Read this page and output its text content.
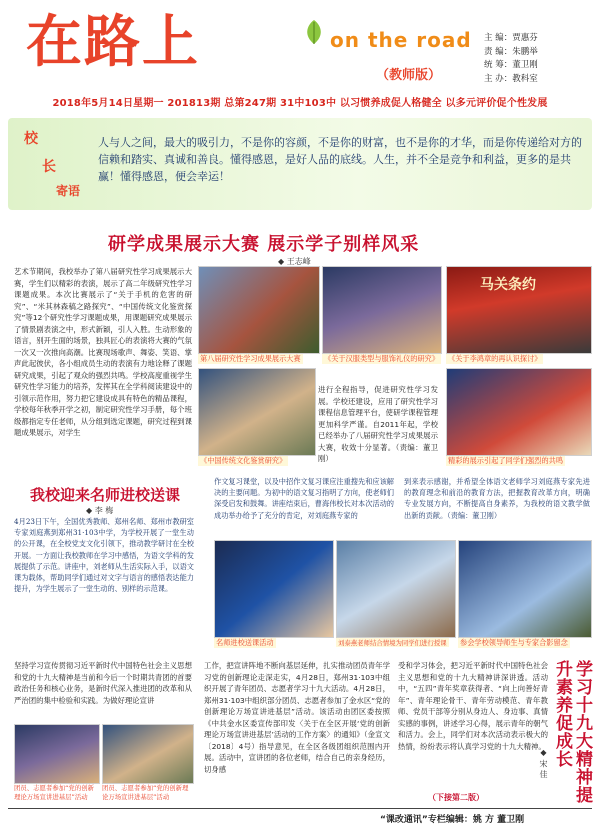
在路上	on the road
（教师版）
主 编：贾惠芬
责 编：朱鹏举
统 筹：董卫刚
主 办：教科室
2018年5月14日星期一 201813期 总第247期 31中103中 以习惯养成促人格健全 以多元评价促个性发展
校
长
寄语
人与人之间，最大的吸引力，不是你的容颜，不是你的财富，也不是你的才华，而是你传递给对方的信赖和踏实、真诚和善良。懂得感恩，是好人品的底线。人生，并不全是竞争和利益，更多的是共赢！懂得感恩，便会幸运！
研学成果展示大赛 展示学子别样风采
◆ 王志峰
艺术节期间，我校举办了第八届研究性学习成果展示大赛，学生们以精彩的表演，展示了高二年级研究性学习课题成果。本次比赛展示了“关于手机的危害的研究”、“米其林森稿之路探究”、“中国传统文化鉴赏探究”等12个研究性学习课题成果，用课题研究成果展示了情景剧表演之中，形式新颖，引人入胜。生动形象的语言，别开生面的场景，独具匠心的表演将大赛的气氛一次又一次推向高潮。比赛现场歌声、舞姿、笑语、掌声此起彼伏，各小组成员生动的表演有力地诠释了课题研究成果，引起了观众的强烈共鸣。学校高度重视学生研究性学习能力的培养，发挥其在全学科阅读建设中的引领示范作用，努力把它建设成具有特色的精品课程，学校每年秋季开学之初，制定研究性学习手册，每个班级都指定专任老师，从分组到选定课题，研究过程到课题成果展示，对学生
第八届研究性学习成果展示大赛	《关于汉服类型与服饰礼仪的研究》
马关条约
《关于李鸿章的再认识探讨》
《中国传统文化鉴赏研究》
进行全程指导，促进研究性学习发展。学校还建设，应用了研究性学习课程信息管理平台，使研学课程管理更加科学严谨。自2011年起，学校已经举办了八届研究性学习成果展示大赛，收效十分显著。（责编：董卫刚）	精彩的展示引起了同学们强烈的共鸣
我校迎来名师进校送课
◆ 李 梅
4月23日下午，全国优秀教师、郑州名师、郑州市教研室专家刘庭燕到郑州31·103中学，为学校开展了一堂生动的公开课，在全校党支文化引领下，推动教学研讨在全校开展。一方面让我校教师在学习中感悟，为语文学科的发展提供了示范。讲座中，刘老师从生活实际入手，以语文课为载体，帮助同学们通过对文字与语言的感悟表达能力提升，为学生展示了一堂生动的、别样的示范课。
作文复习课堂，以及中招作文复习课应注重搜先和应该解决的主要问题。为初中的语文复习指明了方向，使老师们深受启发和鼓舞。讲座结束后，曹海伟校长对本次活动的成功举办给予了充分的肯定，对刘庭燕专家的
到来表示感谢，并希望全体语文老师学习刘庭燕专家先进的教育理念和前沿的教育方法，把握教育改革方向，明确专业发展方向，不断提高自身素养，为我校的语文教学做出新的贡献。（责编：董卫刚）
名师进校送课活动	刘泰燕老师结合情境为同学们进行授课 参会学校领导师生与专家合影留念
坚持学习宣传贯彻习近平新时代中国特色社会主义思想和党的十九大精神是当前和今后一个时期共青团的首要政治任务和核心业务，是新时代深入推进团的改革和从严治团的集中检验和实践。为做好理论宣讲
团员、志愿者参加“党的创新理论万场宣讲进基层”活动
团员、志愿者参加“党的创新理论万场宣讲进基层”活动
工作，把宣讲阵地不断向基层延伸，扎实推动团员青年学习党的创新理论走深走实，4月28日，郑州31·103中组织开展了青年团员、志愿者学习十九大活动。4月28日，郑州31·103中组织部分团员、志愿者参加了金水区“党的创新理论万场宣讲进基层”活动。该活动由团区委按照《中共金水区委宣传部印发〈关于在全区开展‘党的创新理论万场宣讲进基层’活动的工作方案〉的通知》（金宣文〔2018〕4号）指导意见，在全区各级团组织范围内开展。活动中，宣讲团的各位老师，结合自己的亲身经历，切身感
受和学习体会，把习近平新时代中国特色社会主义思想和党的十九大精神讲深讲透。活动中，“五四”青年奖章获得者、“向上向善好青年”、青年理论骨干、青年劳动模范、青年教师、党员干部等分别从身边人、身边事、真情实感的事例，讲述学习心得，展示青年的朝气和活力。会上，同学们对本次活动表示极大的热情，纷纷表示将认真学习党的十九大精神。
（下接第二版）	学习十九大精神提升素养促成长
◆ 宋 佳
“课改通讯”专栏编辑：姚 方 董卫刚
